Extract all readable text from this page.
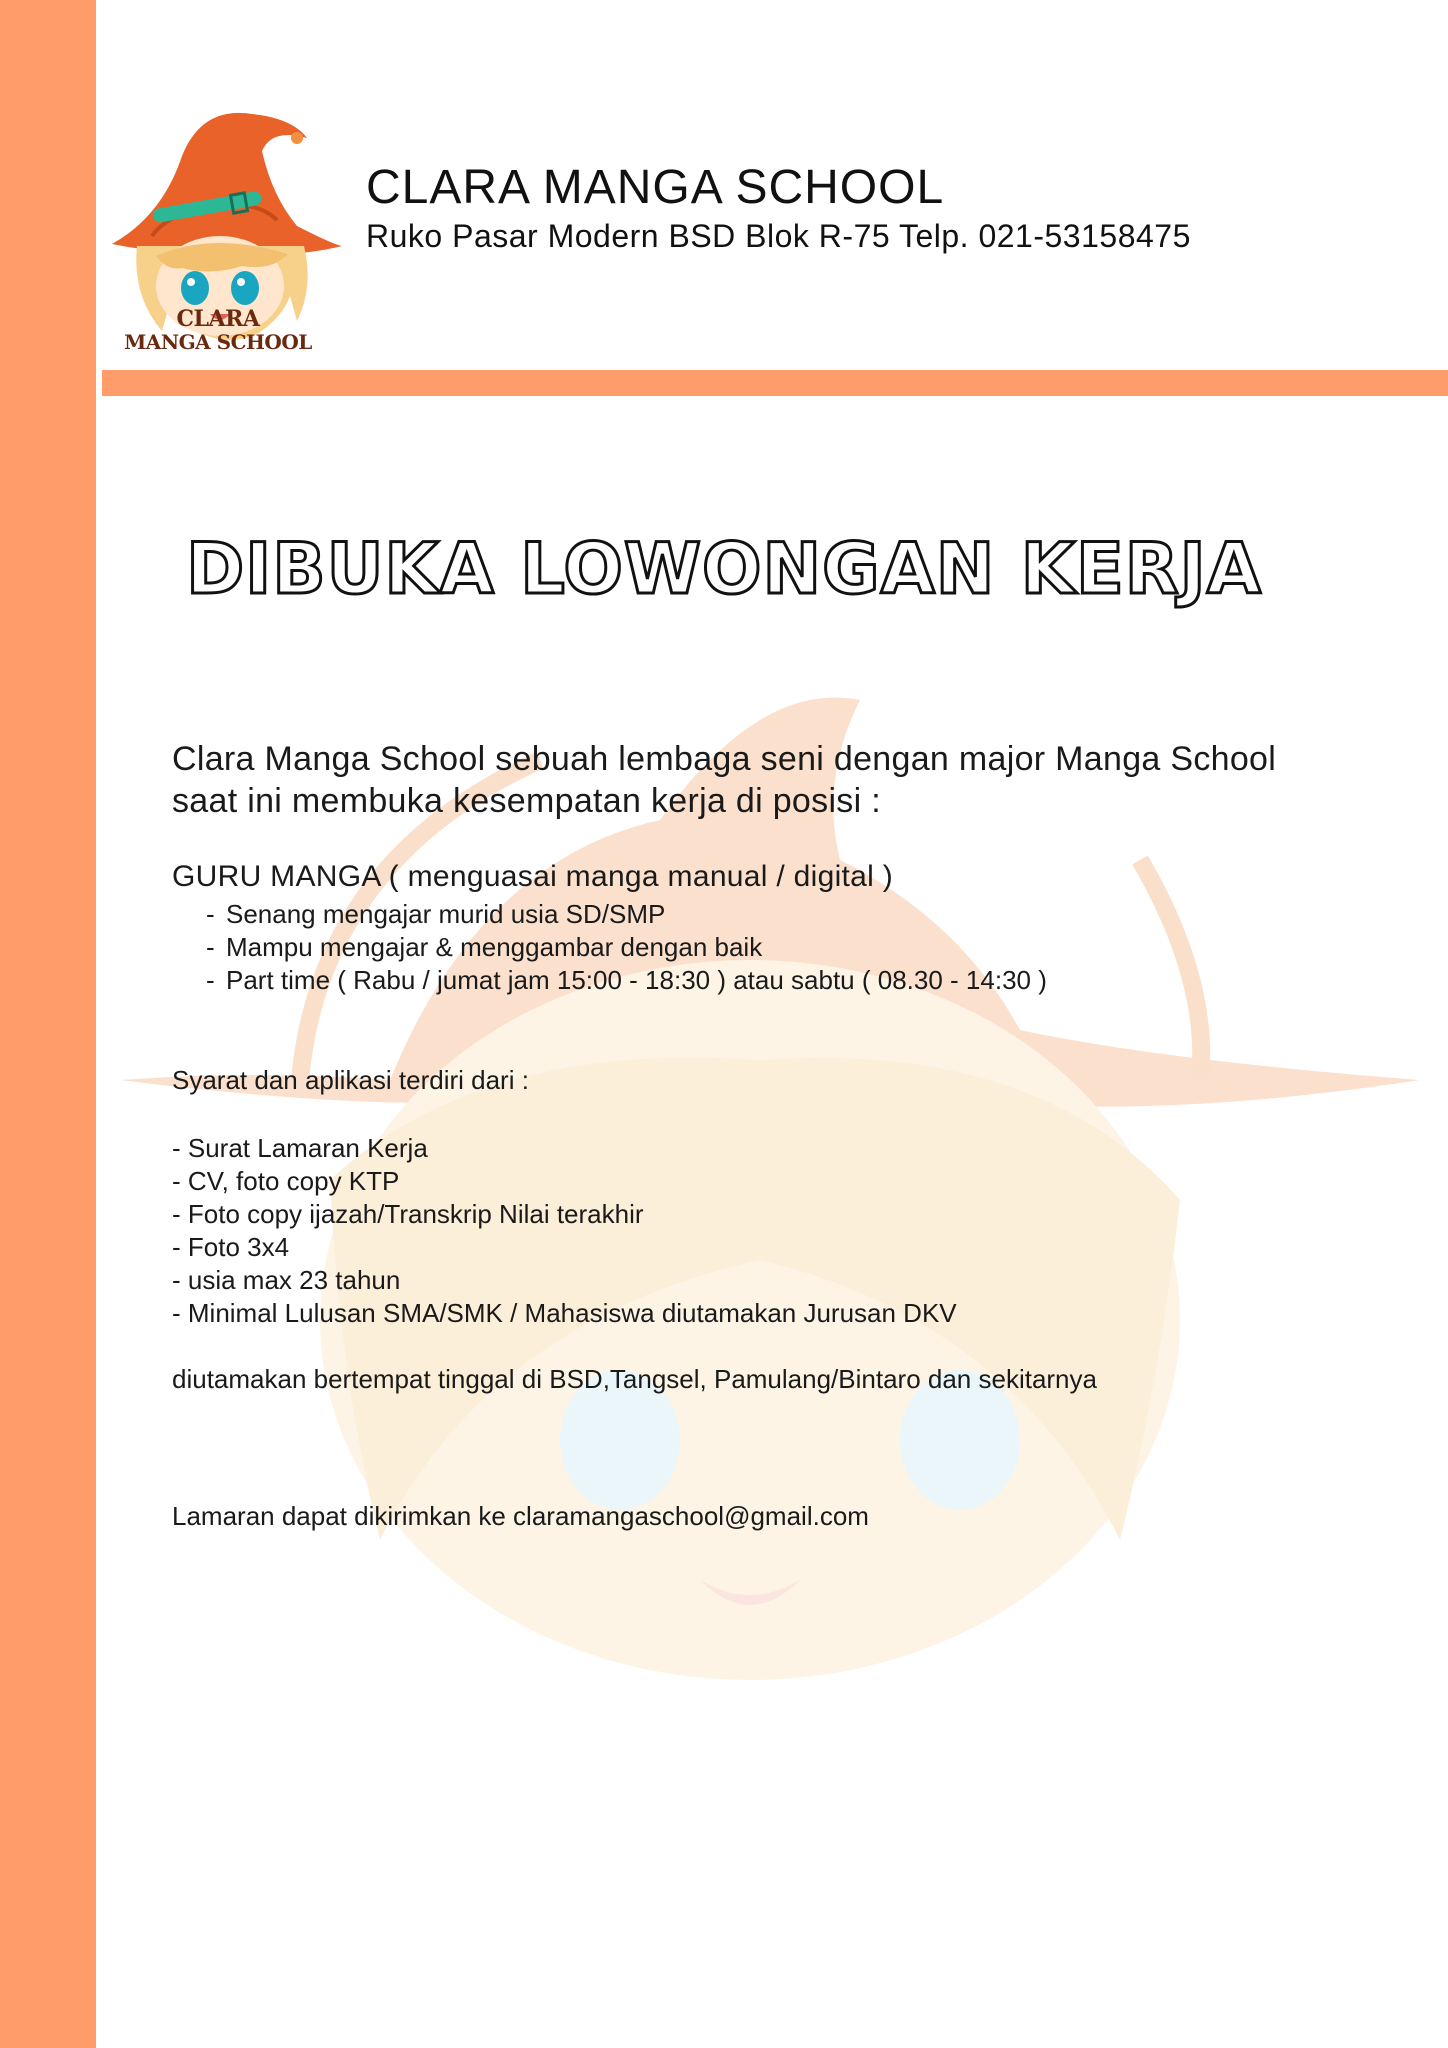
CLARA
MANGA SCHOOL
CLARA MANGA SCHOOL
Ruko Pasar Modern BSD Blok R-75 Telp. 021-53158475
DIBUKA LOWONGAN KERJA

Clara Manga School sebuah lembaga seni dengan major Manga School
saat ini membuka kesempatan kerja di posisi :

GURU MANGA ( menguasai manga manual / digital )
- Senang mengajar murid usia SD/SMP
- Mampu mengajar & menggambar dengan baik
- Part time ( Rabu / jumat jam 15:00 - 18:30 ) atau sabtu ( 08.30 - 14:30 )
Syarat dan aplikasi terdiri dari :
- Surat Lamaran Kerja
- CV, foto copy KTP
- Foto copy ijazah/Transkrip Nilai terakhir
- Foto 3x4
- usia max 23 tahun
- Minimal Lulusan SMA/SMK / Mahasiswa diutamakan Jurusan DKV
diutamakan bertempat tinggal di BSD,Tangsel, Pamulang/Bintaro dan sekitarnya
Lamaran dapat dikirimkan ke claramangaschool@gmail.com
